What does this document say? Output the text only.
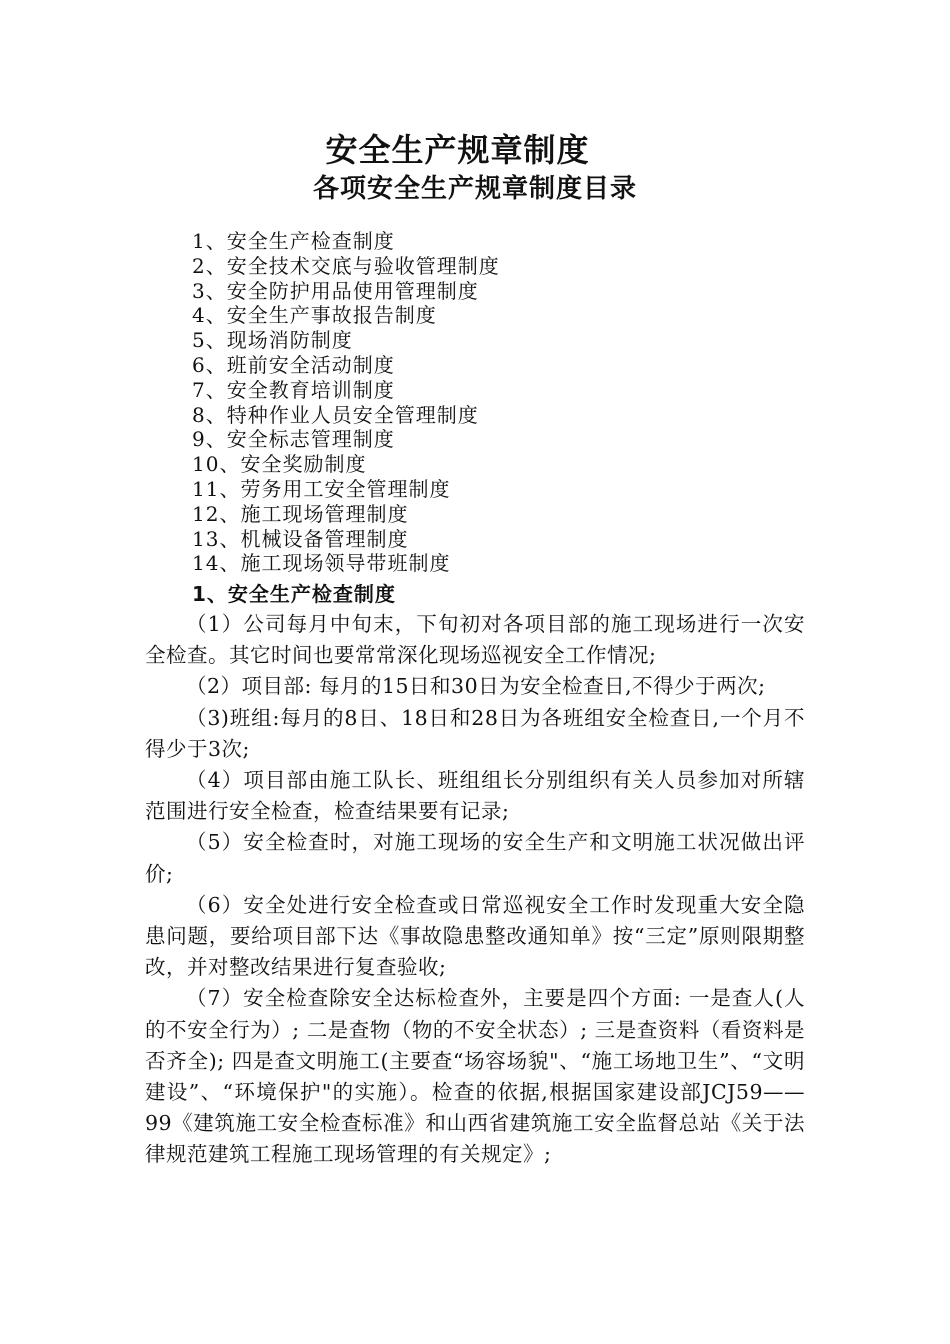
安全生产规章制度
各项安全生产规章制度目录
1、安全生产检查制度
2、安全技术交底与验收管理制度
3、安全防护用品使用管理制度
4、安全生产事故报告制度
5、现场消防制度
6、班前安全活动制度
7、安全教育培训制度
8、特种作业人员安全管理制度
9、安全标志管理制度
10、安全奖励制度
11、劳务用工安全管理制度
12、施工现场管理制度
13、机械设备管理制度
14、施工现场领导带班制度
1、安全生产检查制度

（1）公司每月中旬末，下旬初对各项目部的施工现场进行一次安全检查。其它时间也要常常深化现场巡视安全工作情况;

（2）项目部: 每月的15日和30日为安全检查日,不得少于两次;

（3)班组:每月的8日、18日和28日为各班组安全检查日,一个月不得少于3次;

（4）项目部由施工队长、班组组长分别组织有关人员参加对所辖范围进行安全检查，检查结果要有记录;

（5）安全检查时，对施工现场的安全生产和文明施工状况做出评价;

（6）安全处进行安全检查或日常巡视安全工作时发现重大安全隐患问题，要给项目部下达《事故隐患整改通知单》按“三定”原则限期整改，并对整改结果进行复查验收;

（7）安全检查除安全达标检查外，主要是四个方面: 一是查人(人的不安全行为）; 二是查物（物的不安全状态）; 三是查资料（看资料是否齐全); 四是查文明施工(主要查“场容场貌"、“施工场地卫生”、“文明建设”、“环境保护"的实施）。检查的依据,根据国家建设部JCJ59——99《建筑施工安全检查标准》和山西省建筑施工安全监督总站《关于法律规范建筑工程施工现场管理的有关规定》;
